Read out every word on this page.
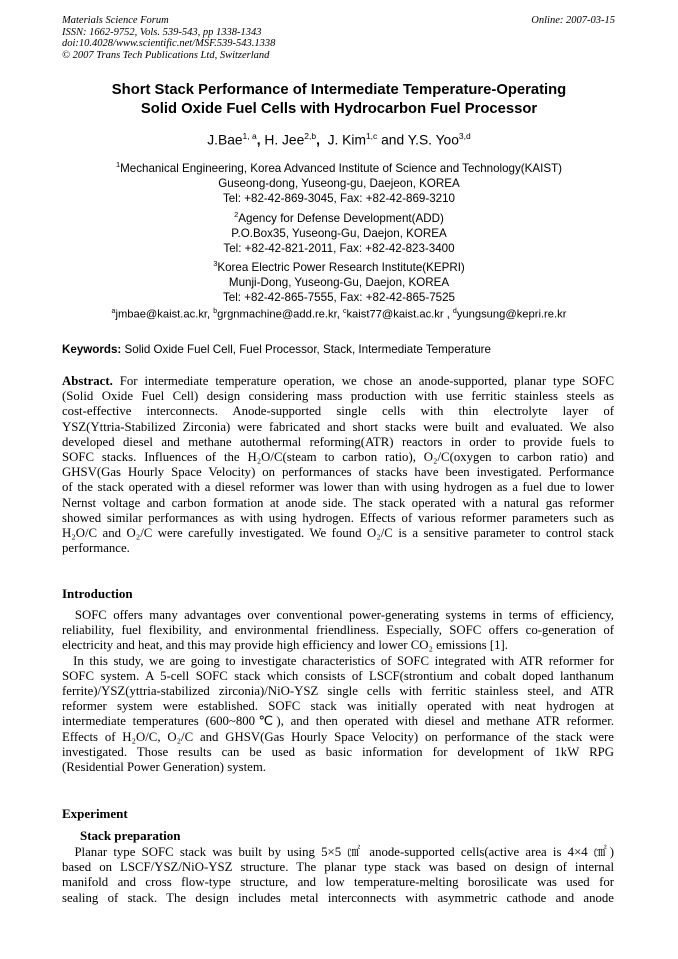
Materials Science Forum
ISSN: 1662-9752, Vols. 539-543, pp 1338-1343
doi:10.4028/www.scientific.net/MSF.539-543.1338
© 2007 Trans Tech Publications Ltd, Switzerland
Online: 2007-03-15
Short Stack Performance of Intermediate Temperature-Operating
Solid Oxide Fuel Cells with Hydrocarbon Fuel Processor
J.Bae$^{1, a}$, H. Jee$^{2,b}$,  J. Kim$^{1,c}$ and Y.S. Yoo$^{3,d}$
$^1$Mechanical Engineering, Korea Advanced Institute of Science and Technology(KAIST)
Guseong-dong, Yuseong-gu, Daejeon, KOREA
Tel: +82-42-869-3045, Fax: +82-42-869-3210
$^2$Agency for Defense Development(ADD)
P.O.Box35, Yuseong-Gu, Daejon, KOREA
Tel: +82-42-821-2011, Fax: +82-42-823-3400
$^3$Korea Electric Power Research Institute(KEPRI)
Munji-Dong, Yuseong-Gu, Daejon, KOREA
Tel: +82-42-865-7555, Fax: +82-42-865-7525
$^a$jmbae@kaist.ac.kr, $^b$grgnmachine@add.re.kr, $^c$kaist77@kaist.ac.kr , $^d$yungsung@kepri.re.kr
Keywords: Solid Oxide Fuel Cell, Fuel Processor, Stack, Intermediate Temperature
Abstract. For intermediate temperature operation, we chose an anode-supported, planar type SOFC
(Solid Oxide Fuel Cell) design considering mass production with use ferritic stainless steels as
cost-effective interconnects. Anode-supported single cells with thin electrolyte layer of
YSZ(Yttria-Stabilized Zirconia) were fabricated and short stacks were built and evaluated. We also
developed diesel and methane autothermal reforming(ATR) reactors in order to provide fuels to
SOFC stacks. Influences of the H₂O/C(steam to carbon ratio), O₂/C(oxygen to carbon ratio) and
GHSV(Gas Hourly Space Velocity) on performances of stacks have been investigated. Performance
of the stack operated with a diesel reformer was lower than with using hydrogen as a fuel due to lower
Nernst voltage and carbon formation at anode side. The stack operated with a natural gas reformer
showed similar performances as with using hydrogen. Effects of various reformer parameters such as
H₂O/C and O₂/C were carefully investigated. We found O₂/C is a sensitive parameter to control stack
performance.
Introduction
SOFC offers many advantages over conventional power-generating systems in terms of efficiency,
reliability, fuel flexibility, and environmental friendliness. Especially, SOFC offers co-generation of
electricity and heat, and this may provide high efficiency and lower CO₂ emissions [1].
In this study, we are going to investigate characteristics of SOFC integrated with ATR reformer for
SOFC system. A 5-cell SOFC stack which consists of LSCF(strontium and cobalt doped lanthanum
ferrite)/YSZ(yttria-stabilized zirconia)/NiO-YSZ single cells with ferritic stainless steel, and ATR
reformer system were established. SOFC stack was initially operated with neat hydrogen at
intermediate temperatures (600~800℃), and then operated with diesel and methane ATR reformer.
Effects of H₂O/C, O₂/C and GHSV(Gas Hourly Space Velocity) on performance of the stack were
investigated. Those results can be used as basic information for development of 1kW RPG
(Residential Power Generation) system.
Experiment
Stack preparation
Planar type SOFC stack was built by using 5×5 ㎠ anode-supported cells(active area is 4×4 ㎠)
based on LSCF/YSZ/NiO-YSZ structure. The planar type stack was based on design of internal
manifold and cross flow-type structure, and low temperature-melting borosilicate was used for
sealing of stack. The design includes metal interconnects with asymmetric cathode and anode
